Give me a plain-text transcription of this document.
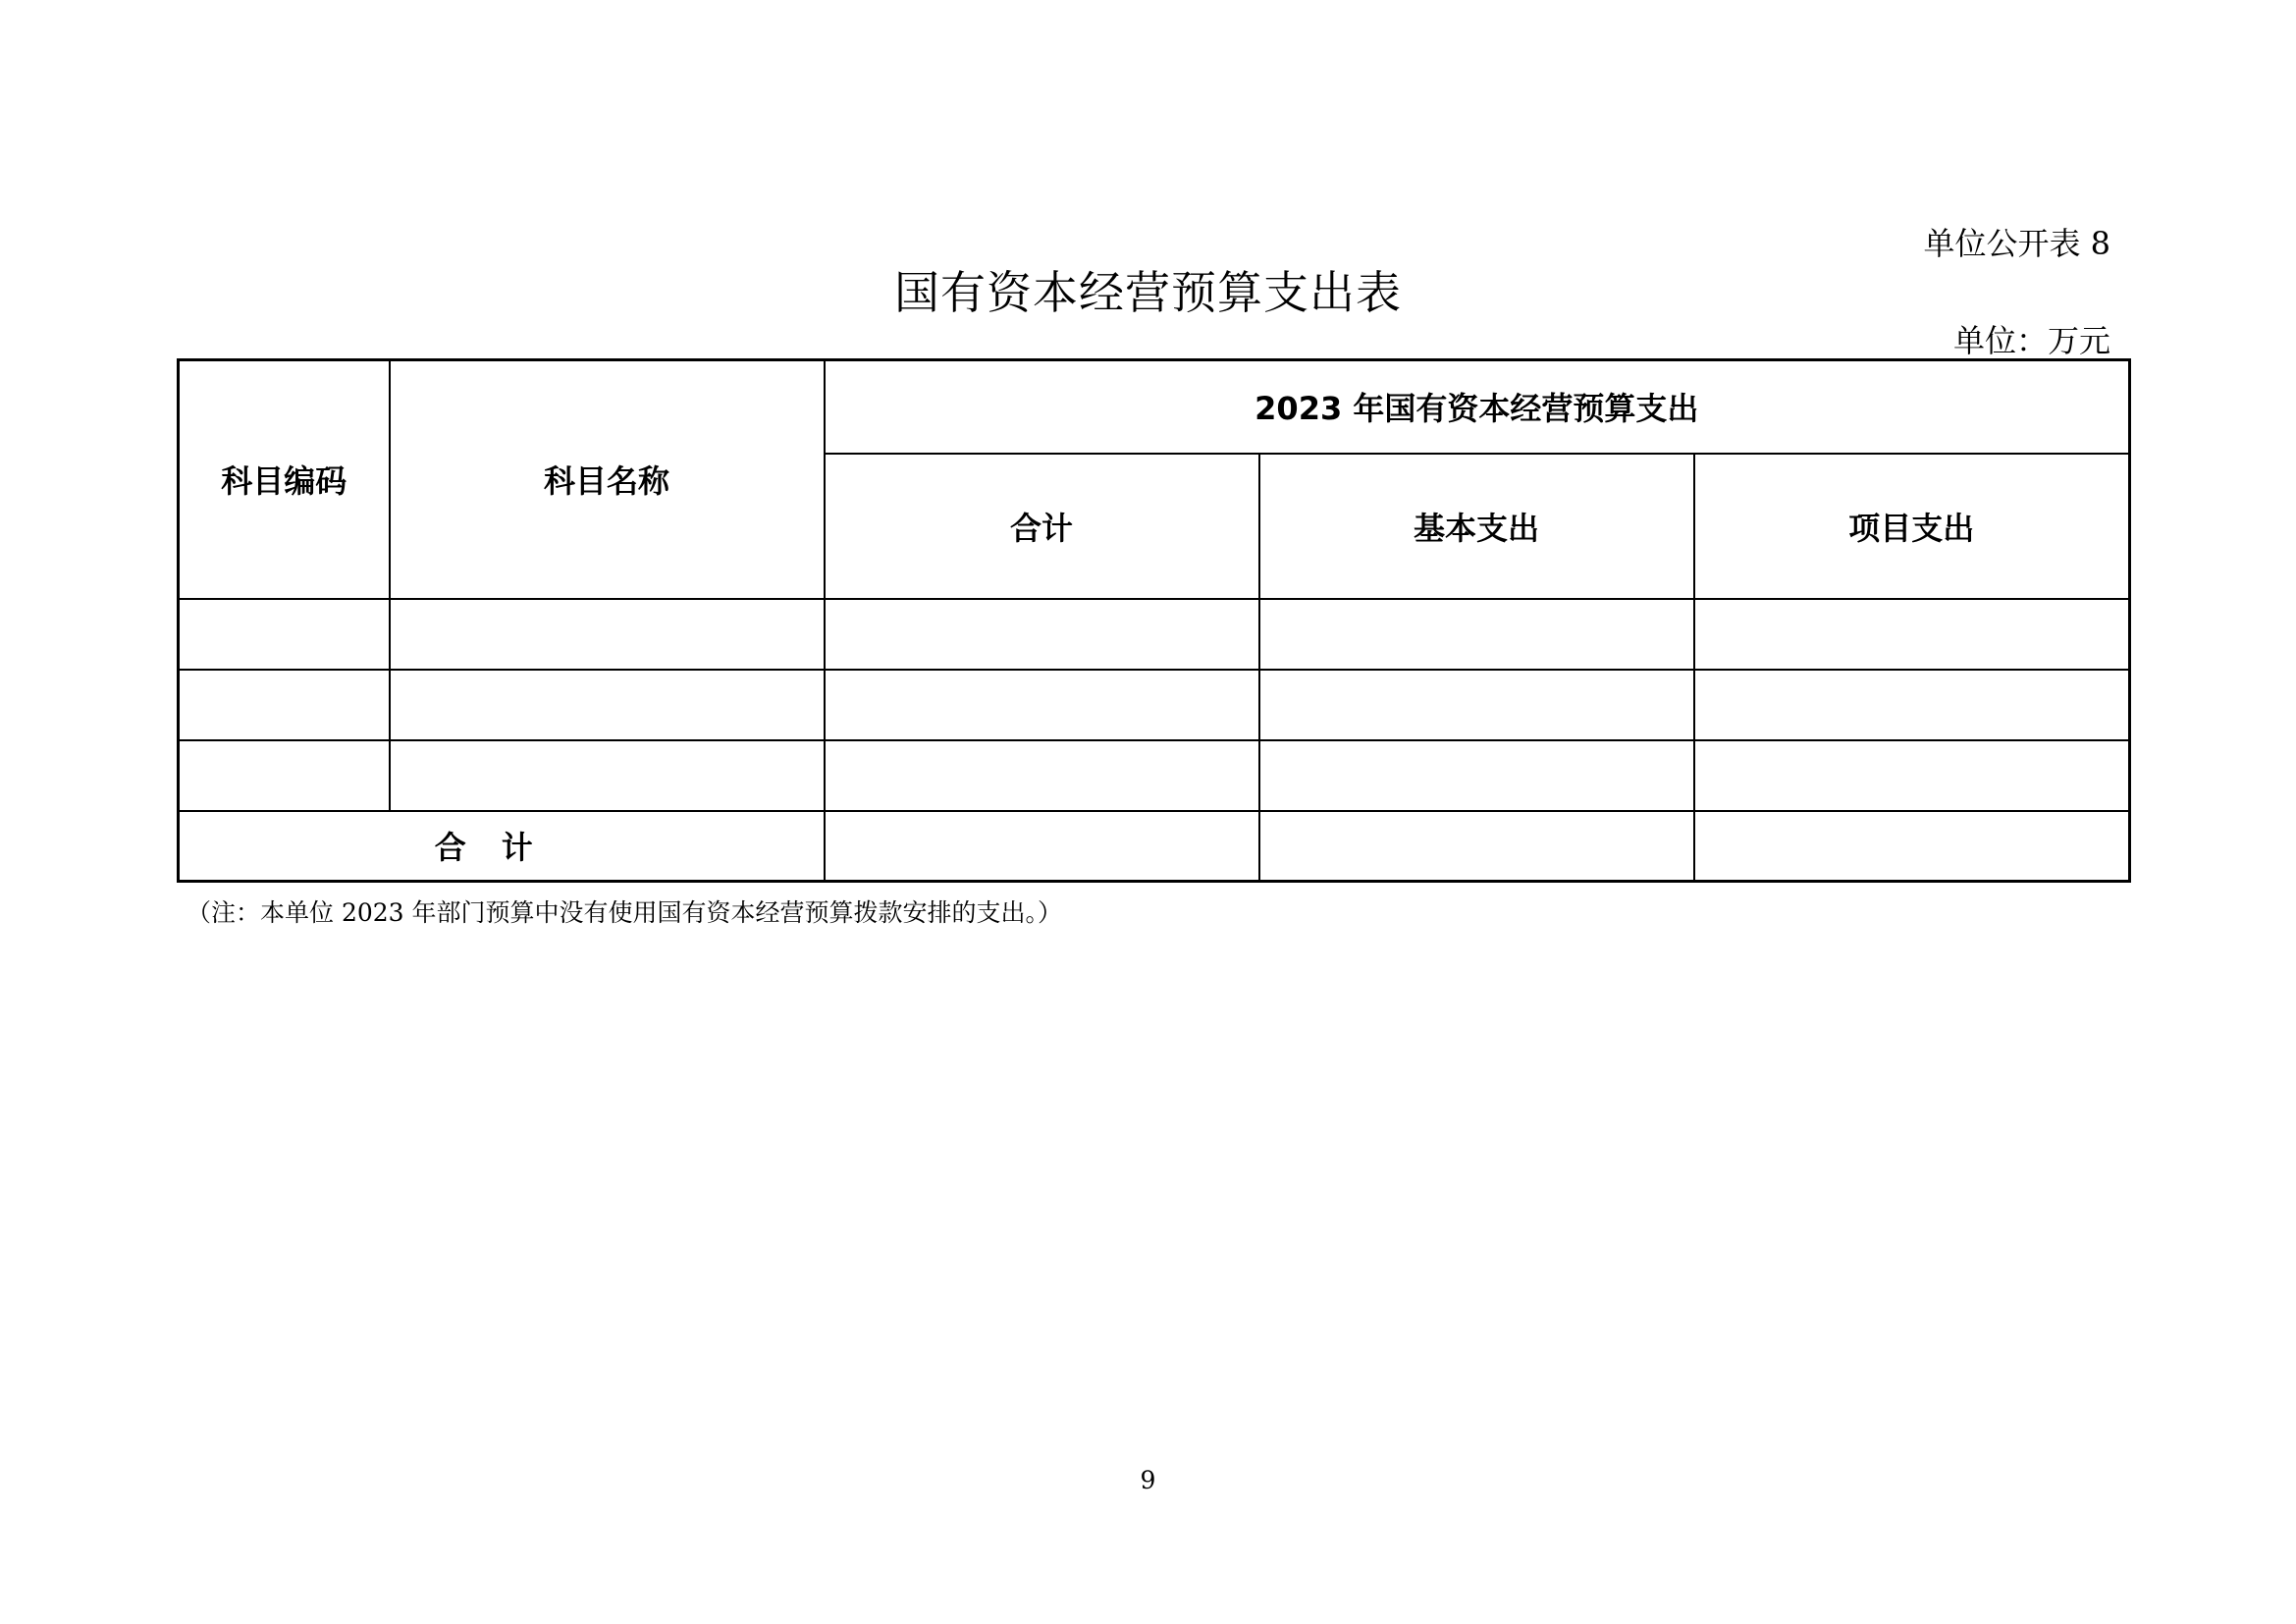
单位公开表 8
国有资本经营预算支出表
单位：万元
科目编码	科目名称	2023 年国有资本经营预算支出		
		合计	基本支出	项目支出

合计				
（注：本单位 2023 年部门预算中没有使用国有资本经营预算拨款安排的支出。）
9
